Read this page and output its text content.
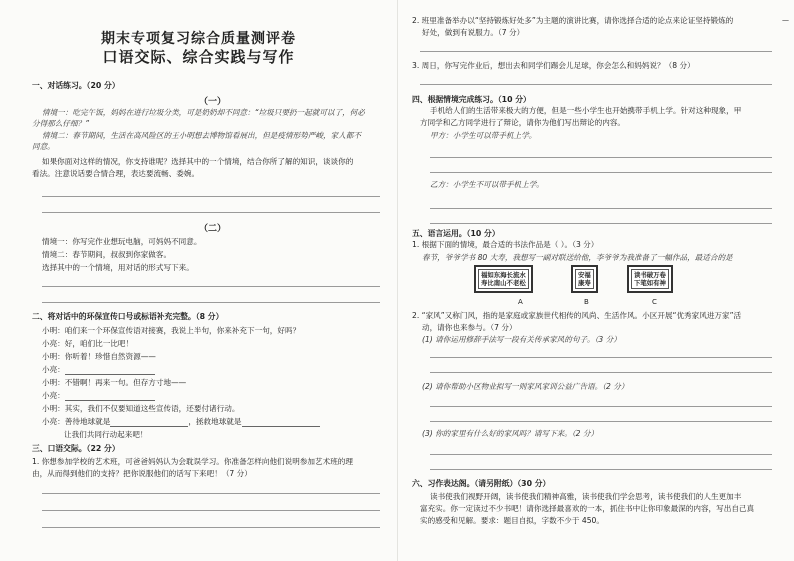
期末专项复习综合质量测评卷
口语交际、综合实践与写作
一、对话练习。（20 分）
（一）
情境一：吃完午饭，妈妈在进行垃圾分类，可是奶奶却不同意：“垃圾只要扔一起就可以了，何必
分得那么仔细？”
情境二：春节期间，生活在高风险区的王小明想去博物馆看展出，但是疫情形势严峻，家人都不
同意。
如果你面对这样的情况，你支持谁呢？选择其中的一个情境，结合你所了解的知识，谈谈你的
看法。注意说话要合情合理，表达要流畅、委婉。
（二）
情境一：你写完作业想玩电脑，可妈妈不同意。
情境二：春节期间，叔叔到你家做客。
选择其中的一个情境，用对话的形式写下来。
二、将对话中的环保宣传口号或标语补充完整。（8 分）
小明：咱们来一个环保宣传语对接赛，我说上半句，你来补充下一句，好吗？
小亮：好，咱们比一比吧！
小明：你听着！珍惜自然资源——
小亮：
小明：不错啊！再来一句。但存方寸地——
小亮：
小明：其实，我们不仅要知道这些宣传语，还要付诸行动。
小亮：善待地球就是	，拯救地球就是
让我们共同行动起来吧！
三、口语交际。（22 分）
1. 你想参加学校的艺术班，可爸爸妈妈认为会耽误学习。你准备怎样向他们说明参加艺术班的理
由，从而得到他们的支持？把你说服他们的话写下来吧！（7 分）
2. 班里准备举办以“坚持锻炼好处多”为主题的演讲比赛，请你选择合适的论点来论证坚持锻炼的
好处，做到有说服力。（7 分）
3. 周日，你写完作业后，想出去和同学们踢会儿足球，你会怎么和妈妈说？（8 分）
四、根据情境完成练习。（10 分）
手机给人们的生活带来极大的方便，但是一些小学生也开始携带手机上学。针对这种现象，甲
方同学和乙方同学进行了辩论，请你为他们写出辩论的内容。
甲方：小学生可以带手机上学。
乙方：小学生不可以带手机上学。
五、语言运用。（10 分）
1. 根据下面的情境，最合适的书法作品是（ ）。（3 分）
春节，爷爷学书 80 大寿，我想写一副对联送给他，李爷爷为我准备了一幅作品，最适合的是
福如东海长流水
寿比南山不老松
A
安福
康寿
B
读书破万卷
下笔如有神
C
2. “家风”又称门风，指的是家庭或家族世代相传的风尚、生活作风。小区开展“优秀家风进万家”活
动，请你也来参与。（7 分）
(1) 请你运用修辞手法写一段有关传承家风的句子。（3 分）
(2) 请你帮助小区物业拟写一则家风家训公益广告语。（2 分）
(3) 你的家里有什么好的家风吗？请写下来。（2 分）
六、习作表达阁。（请另附纸）（30 分）
读书使我们视野开阔，读书使我们精神高雅，读书使我们学会思考，读书使我们的人生更加丰
富充实。你一定读过不少书吧！请你选择最喜欢的一本，抓住书中让你印象最深的内容，写出自己真
实的感受和见解。要求：题目自拟，字数不少于 450。
—
